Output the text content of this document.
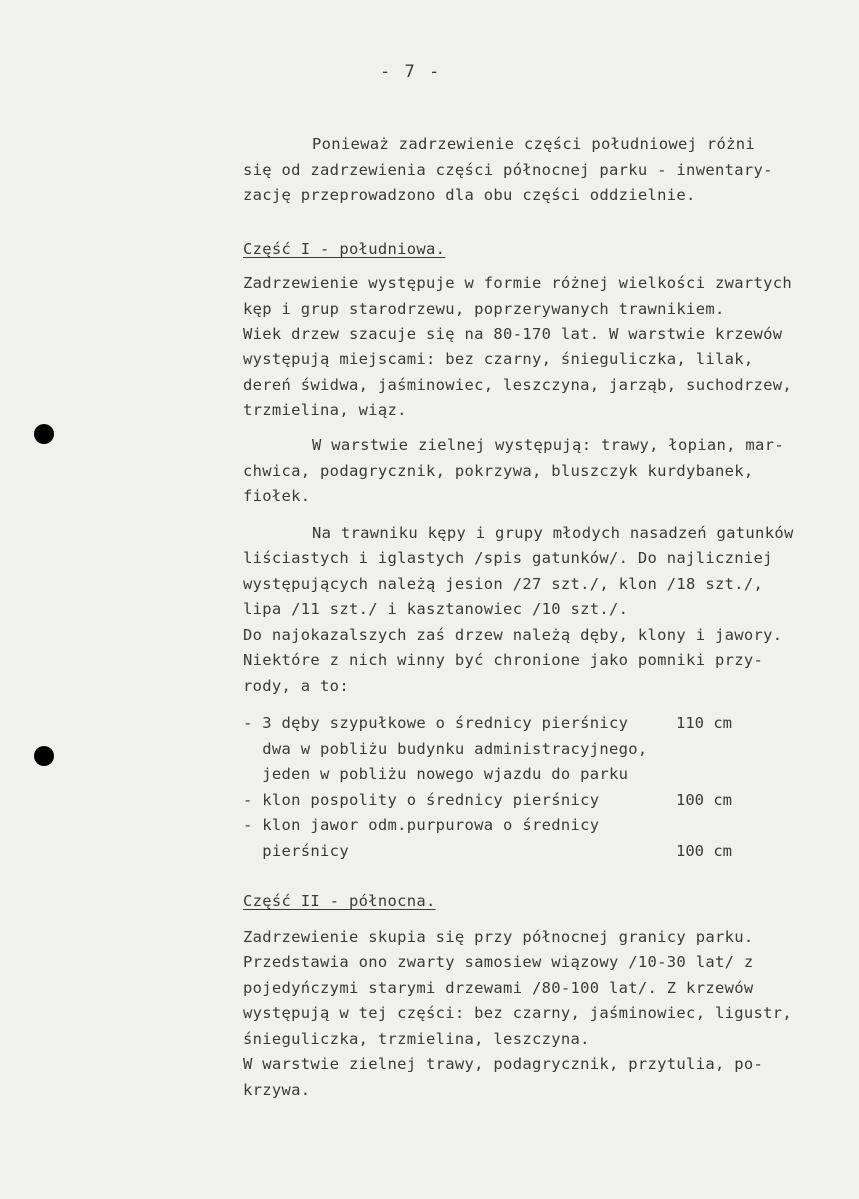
- 7 -
Ponieważ zadrzewienie części południowej różni
się od zadrzewienia części północnej parku - inwentary-
zację przeprowadzono dla obu części oddzielnie.
Część I - południowa.
Zadrzewienie występuje w formie różnej wielkości zwartych
kęp i grup starodrzewu, poprzerywanych trawnikiem.
Wiek drzew szacuje się na 80-170 lat. W warstwie krzewów
występują miejscami: bez czarny, śnieguliczka, lilak,
dereń świdwa, jaśminowiec, leszczyna, jarząb, suchodrzew,
trzmielina, wiąz.
W warstwie zielnej występują: trawy, łopian, mar-
chwica, podagrycznik, pokrzywa, bluszczyk kurdybanek,
fiołek.
Na trawniku kępy i grupy młodych nasadzeń gatunków
liściastych i iglastych /spis gatunków/. Do najliczniej
występujących należą jesion /27 szt./, klon /18 szt./,
lipa /11 szt./ i kasztanowiec /10 szt./.
Do najokazalszych zaś drzew należą dęby, klony i jawory.
Niektóre z nich winny być chronione jako pomniki przy-
rody, a to:
- 3 dęby szypułkowe o średnicy pierśnicy	110 cm
dwa w pobliżu budynku administracyjnego,
jeden w pobliżu nowego wjazdu do parku
- klon pospolity o średnicy pierśnicy	100 cm
- klon jawor odm.purpurowa o średnicy
pierśnicy	100 cm
Część II - północna.
Zadrzewienie skupia się przy północnej granicy parku.
Przedstawia ono zwarty samosiew wiązowy /10-30 lat/ z
pojedyńczymi starymi drzewami /80-100 lat/. Z krzewów
występują w tej części: bez czarny, jaśminowiec, ligustr,
śnieguliczka, trzmielina, leszczyna.
W warstwie zielnej trawy, podagrycznik, przytulia, po-
krzywa.
